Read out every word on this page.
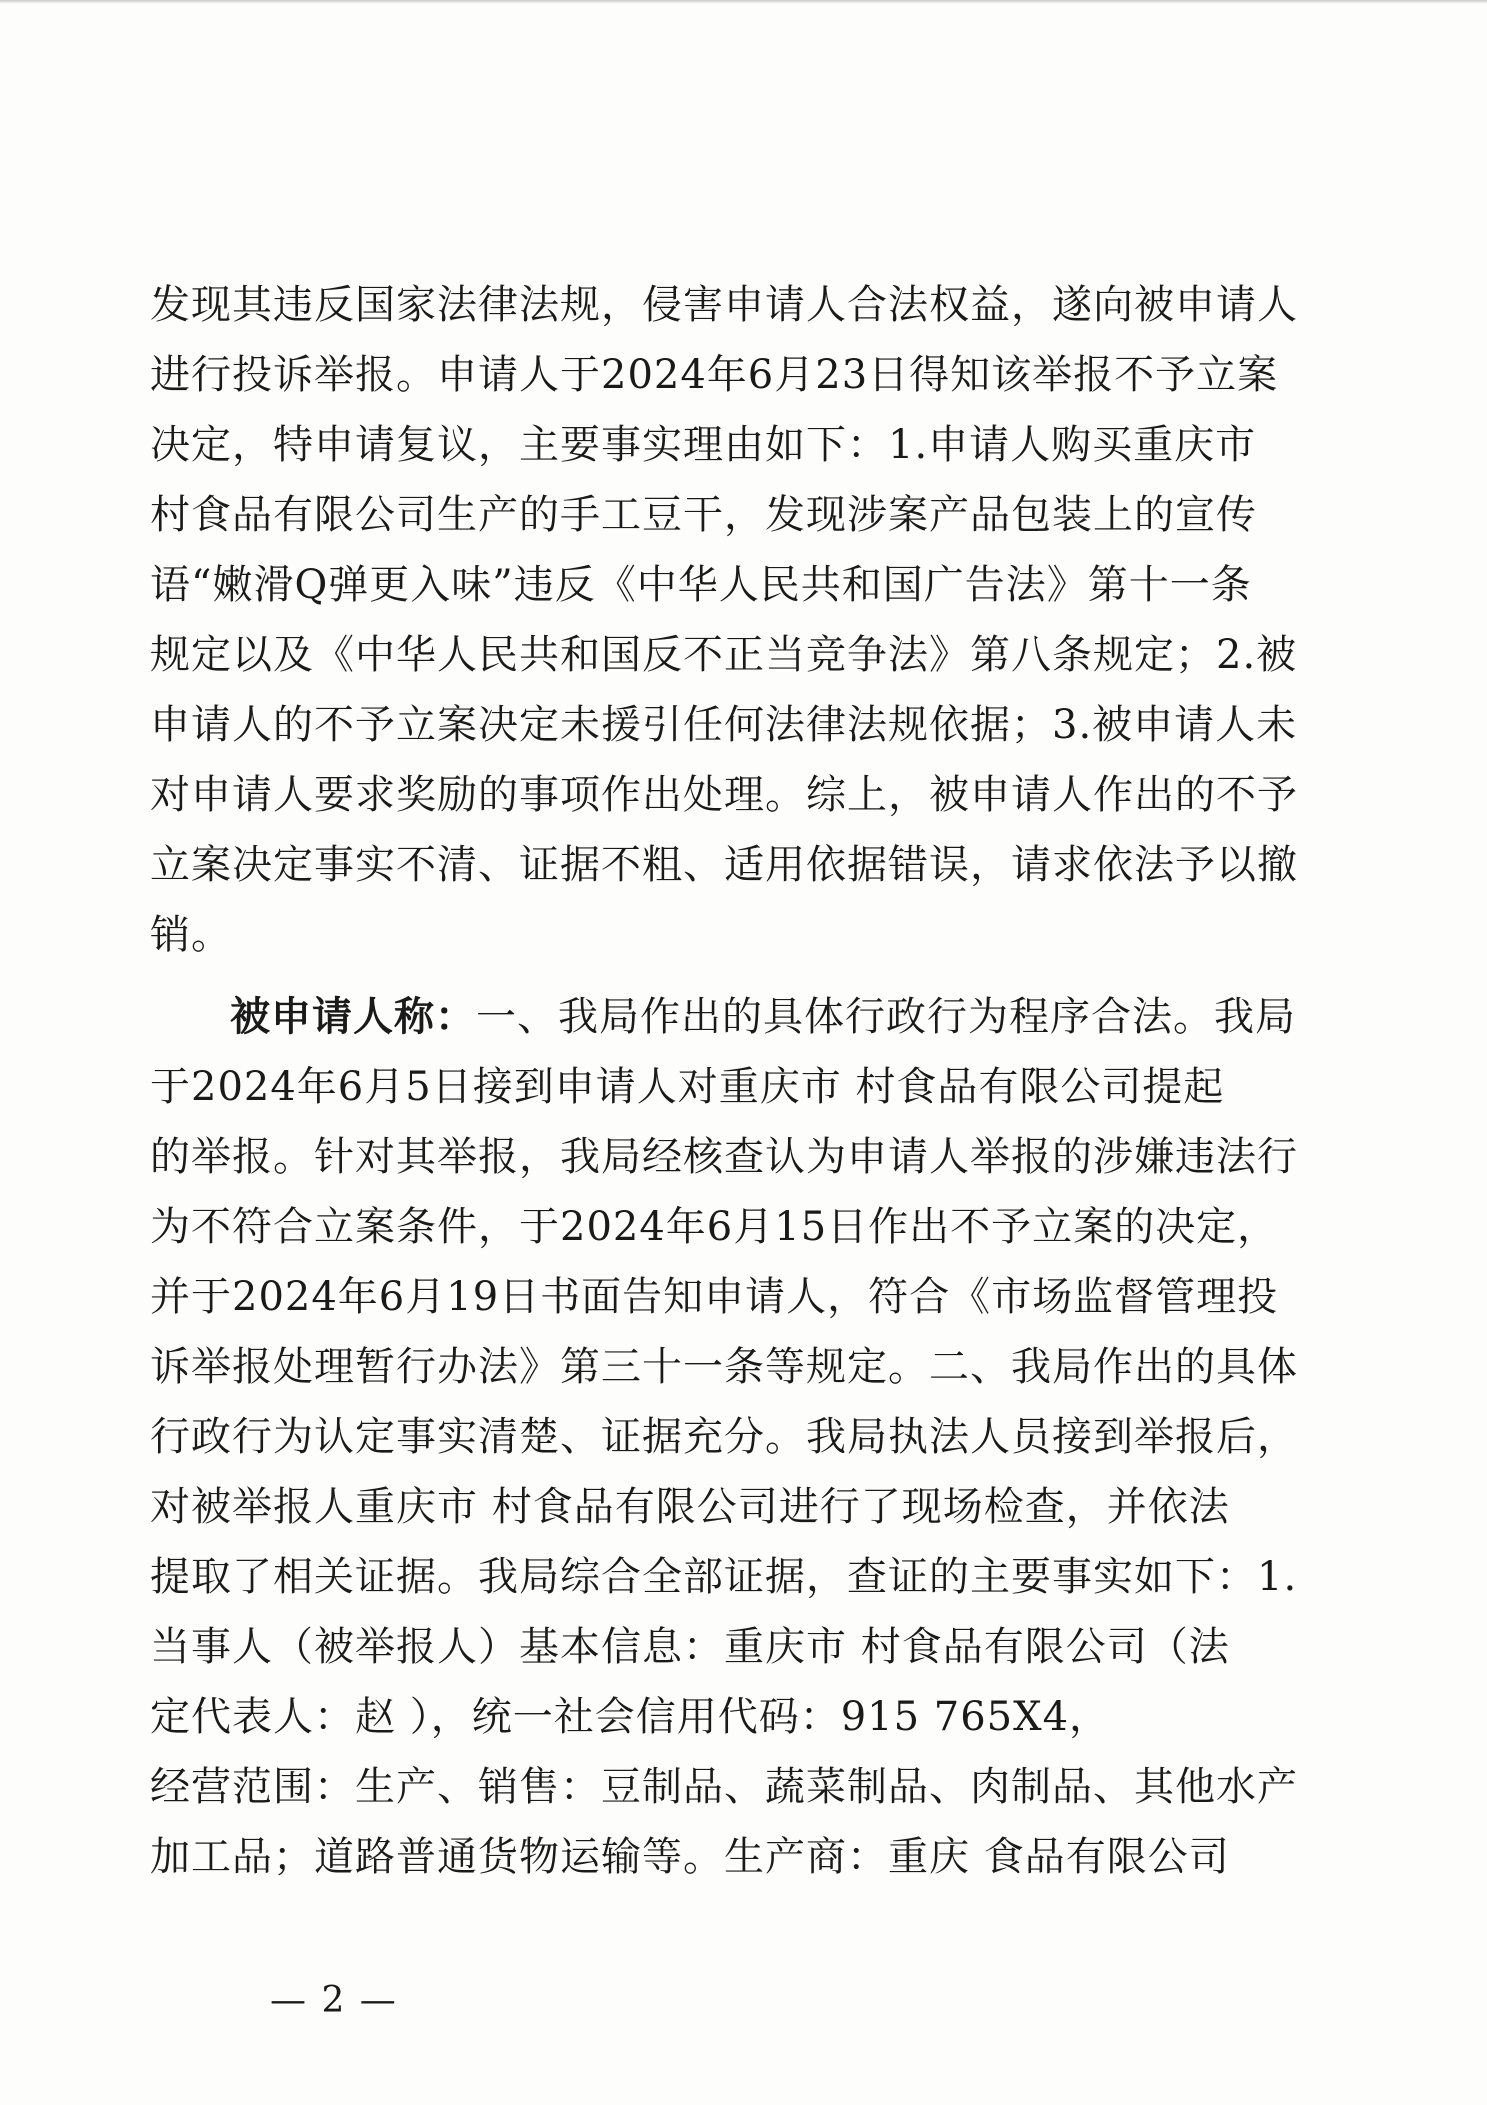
发现其违反国家法律法规，侵害申请人合法权益，遂向被申请人
进行投诉举报。申请人于2024年6月23日得知该举报不予立案
决定，特申请复议，主要事实理由如下：1.申请人购买重庆市
村食品有限公司生产的手工豆干，发现涉案产品包装上的宣传
语“嫩滑Q弹更入味”违反《中华人民共和国广告法》第十一条
规定以及《中华人民共和国反不正当竞争法》第八条规定；2.被
申请人的不予立案决定未援引任何法律法规依据；3.被申请人未
对申请人要求奖励的事项作出处理。综上，被申请人作出的不予
立案决定事实不清、证据不粗、适用依据错误，请求依法予以撤
销。
被申请人称：一、我局作出的具体行政行为程序合法。我局
于2024年6月5日接到申请人对重庆市 村食品有限公司提起
的举报。针对其举报，我局经核查认为申请人举报的涉嫌违法行
为不符合立案条件，于2024年6月15日作出不予立案的决定，
并于2024年6月19日书面告知申请人，符合《市场监督管理投
诉举报处理暂行办法》第三十一条等规定。二、我局作出的具体
行政行为认定事实清楚、证据充分。我局执法人员接到举报后，
对被举报人重庆市 村食品有限公司进行了现场检查，并依法
提取了相关证据。我局综合全部证据，查证的主要事实如下：1.
当事人（被举报人）基本信息：重庆市 村食品有限公司（法
定代表人：赵 ），统一社会信用代码：915 765X4，
经营范围：生产、销售：豆制品、蔬菜制品、肉制品、其他水产
加工品；道路普通货物运输等。生产商：重庆 食品有限公司
— 2 —
